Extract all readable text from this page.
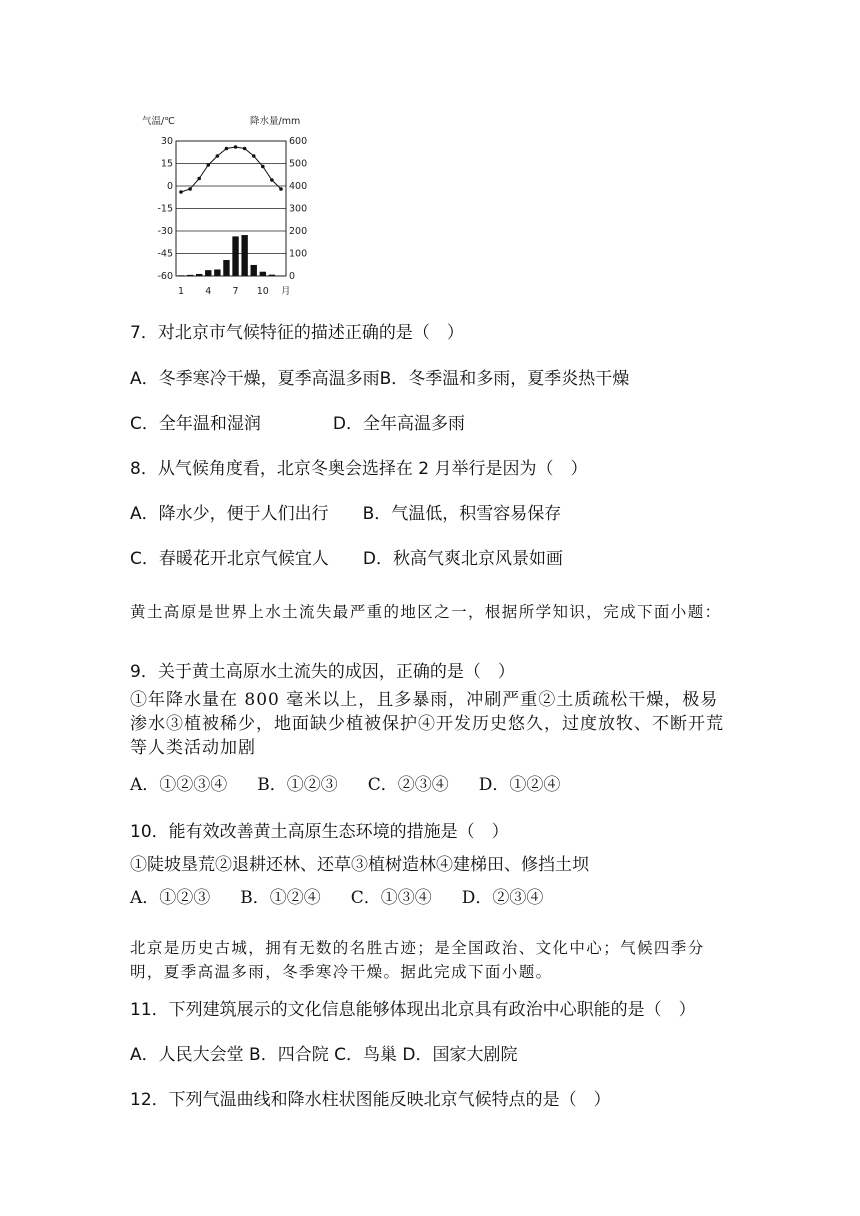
气温/℃	降水量/mm
30
15
0
-15
-30
-45
-60
600
500
400
300
200
100
0
1 4 7 10 月
7．对北京市气候特征的描述正确的是（　）
A．冬季寒冷干燥，夏季高温多雨B．冬季温和多雨，夏季炎热干燥
C．全年温和湿润	D．全年高温多雨
8．从气候角度看，北京冬奥会选择在 2 月举行是因为（　）
A．降水少，便于人们出行 B．气温低，积雪容易保存
C．春暖花开北京气候宜人 D．秋高气爽北京风景如画
黄土高原是世界上水土流失最严重的地区之一，根据所学知识，完成下面小题：
9．关于黄土高原水土流失的成因，正确的是（　）
①年降水量在 800 毫米以上，且多暴雨，冲刷严重②土质疏松干燥，极易渗水③植被稀少，地面缺少植被保护④开发历史悠久，过度放牧、不断开荒等人类活动加剧
A．①②③④ B．①②③ C．②③④ D．①②④
10．能有效改善黄土高原生态环境的措施是（　）
①陡坡垦荒②退耕还林、还草③植树造林④建梯田、修挡土坝
A．①②③ B．①②④ C．①③④ D．②③④
北京是历史古城，拥有无数的名胜古迹；是全国政治、文化中心；气候四季分明，夏季高温多雨，冬季寒冷干燥。据此完成下面小题。
11．下列建筑展示的文化信息能够体现出北京具有政治中心职能的是（　）
A．人民大会堂 B．四合院 C．鸟巢 D．国家大剧院
12．下列气温曲线和降水柱状图能反映北京气候特点的是（　）
